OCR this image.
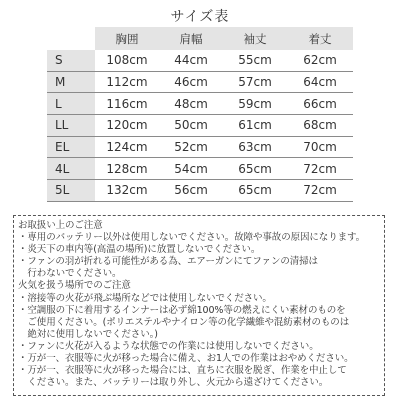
サイズ表
	胸囲	肩幅	袖丈	着丈
S	108cm	44cm	55cm	62cm
M	112cm	46cm	57cm	64cm
L	116cm	48cm	59cm	66cm
LL	120cm	50cm	61cm	68cm
EL	124cm	52cm	63cm	70cm
4L	128cm	54cm	65cm	72cm
5L	132cm	56cm	65cm	72cm
お取扱い上のご注意
・専用のバッテリー以外は使用しないでください。故障や事故の原因になります。
・炎天下の車内等(高温の場所)に放置しないでください。
・ファンの羽が折れる可能性がある為、エアーガンにてファンの清掃は
　行わないでください。
火気を扱う場所でのご注意
・溶接等の火花が飛ぶ場所などでは使用しないでください。
・空調服の下に着用するインナーは必ず綿100%等の燃えにくい素材のものを
　ご使用ください。(ポリエステルやナイロン等の化学繊維や混紡素材のものは
　絶対に使用しないでください。)
・ファンに火花が入るような状態での作業には使用しないでください。
・万が一、衣服等に火が移った場合に備え、お1人での作業はおやめください。
・万が一、衣服等に火が移った場合には、直ちに衣服を脱ぎ、作業を中止して
　ください。また、バッテリーは取り外し、火元から遠ざけてください。
